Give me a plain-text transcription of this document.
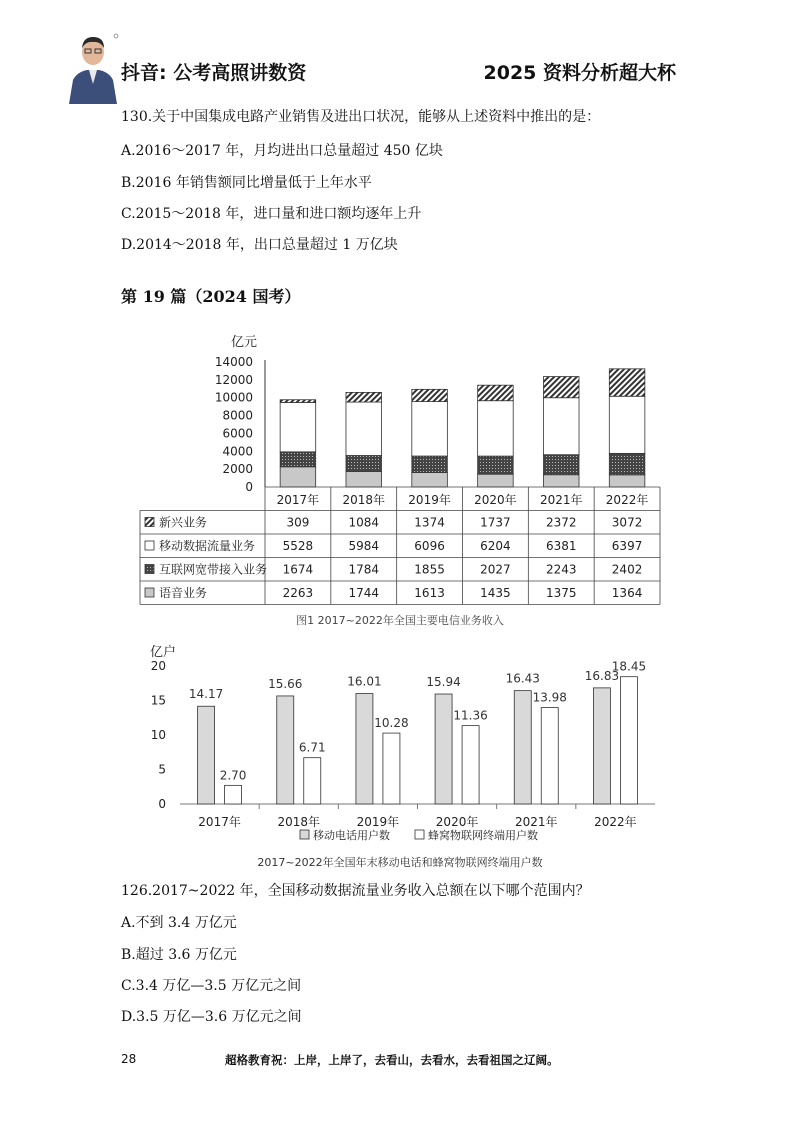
抖音: 公考高照讲数资	2025 资料分析超大杯
130.关于中国集成电路产业销售及进出口状况，能够从上述资料中推出的是：
A.2016～2017 年，月均进出口总量超过 450 亿块
B.2016 年销售额同比增量低于上年水平
C.2015～2018 年，进口量和进口额均逐年上升
D.2014～2018 年，出口总量超过 1 万亿块
第 19 篇（2024 国考）
亿元
0
2000
4000
6000
8000
10000
12000
14000
2017年 2018年 2019年 2020年 2021年 2022年
新兴业务	309	1084	1374	1737	2372	3072
移动数据流量业务 5528	5984	6096	6204	6381	6397
互联网宽带接入业务 1674	1784	1855	2027	2243	2402
语音业务	2263	1744	1613	1435	1375	1364
图1 2017~2022年全国主要电信业务收入
亿户
0
5
10
15
20
14.17
2.70
2017年
15.66
6.71
2018年
16.01
10.28
2019年
15.94
11.36
2020年
16.43
13.98
2021年
16.83
18.45
2022年
移动电话用户数	蜂窝物联网终端用户数
2017~2022年全国年末移动电话和蜂窝物联网终端用户数
126.2017~2022 年，全国移动数据流量业务收入总额在以下哪个范围内？
A.不到 3.4 万亿元
B.超过 3.6 万亿元
C.3.4 万亿—3.5 万亿元之间
D.3.5 万亿—3.6 万亿元之间
28	超格教育祝：上岸，上岸了，去看山，去看水，去看祖国之辽阔。
